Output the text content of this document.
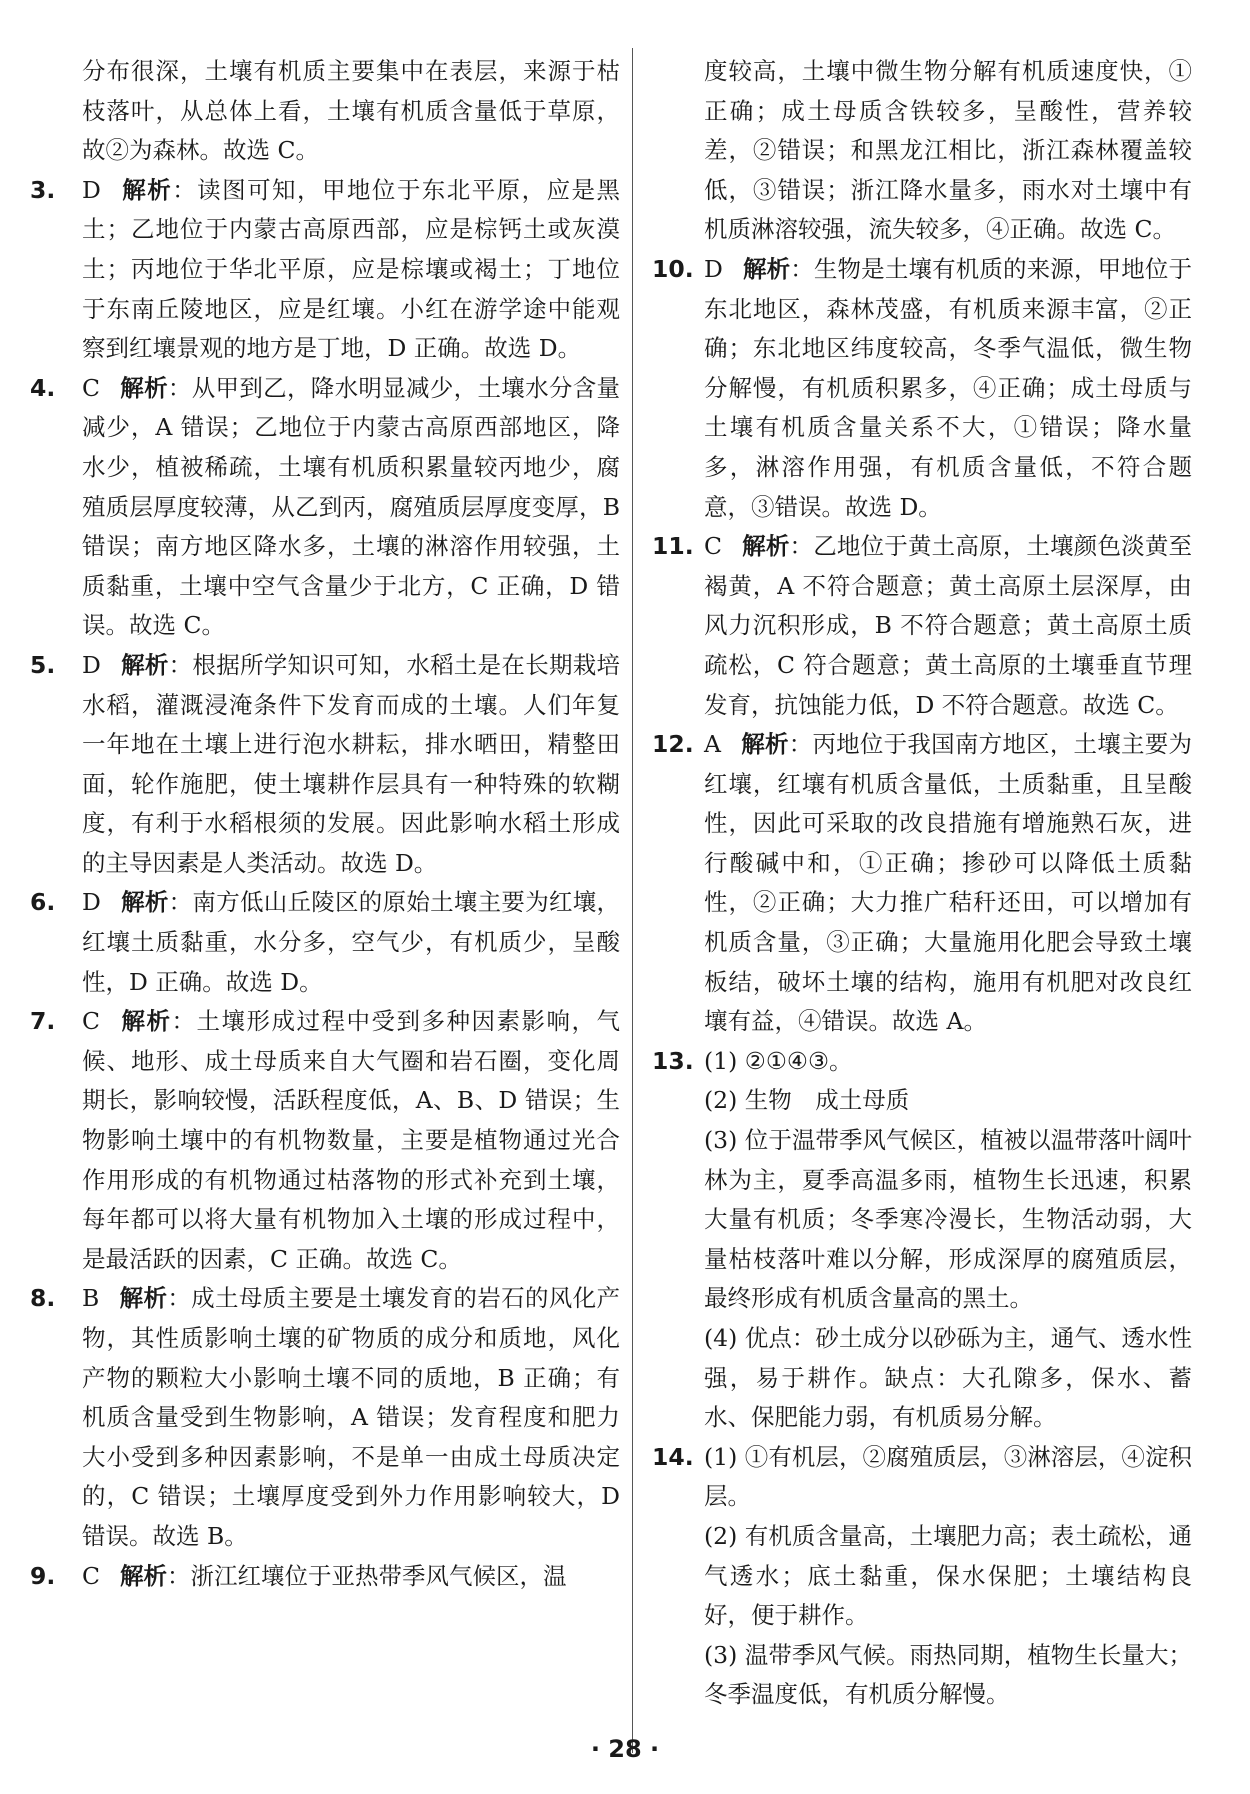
分布很深，土壤有机质主要集中在表层，来源于枯枝落叶，从总体上看，土壤有机质含量低于草原，故②为森林。故选 C。
3. D 解析：读图可知，甲地位于东北平原，应是黑土；乙地位于内蒙古高原西部，应是棕钙土或灰漠土；丙地位于华北平原，应是棕壤或褐土；丁地位于东南丘陵地区，应是红壤。小红在游学途中能观察到红壤景观的地方是丁地，D 正确。故选 D。
4. C 解析：从甲到乙，降水明显减少，土壤水分含量减少，A 错误；乙地位于内蒙古高原西部地区，降水少，植被稀疏，土壤有机质积累量较丙地少，腐殖质层厚度较薄，从乙到丙，腐殖质层厚度变厚，B 错误；南方地区降水多，土壤的淋溶作用较强，土质黏重，土壤中空气含量少于北方，C 正确，D 错误。故选 C。
5. D 解析：根据所学知识可知，水稻土是在长期栽培水稻，灌溉浸淹条件下发育而成的土壤。人们年复一年地在土壤上进行泡水耕耘，排水晒田，精整田面，轮作施肥，使土壤耕作层具有一种特殊的软糊度，有利于水稻根须的发展。因此影响水稻土形成的主导因素是人类活动。故选 D。
6. D 解析：南方低山丘陵区的原始土壤主要为红壤，红壤土质黏重，水分多，空气少，有机质少，呈酸性，D 正确。故选 D。
7. C 解析：土壤形成过程中受到多种因素影响，气候、地形、成土母质来自大气圈和岩石圈，变化周期长，影响较慢，活跃程度低，A、B、D 错误；生物影响土壤中的有机物数量，主要是植物通过光合作用形成的有机物通过枯落物的形式补充到土壤，每年都可以将大量有机物加入土壤的形成过程中，是最活跃的因素，C 正确。故选 C。
8. B 解析：成土母质主要是土壤发育的岩石的风化产物，其性质影响土壤的矿物质的成分和质地，风化产物的颗粒大小影响土壤不同的质地，B 正确；有机质含量受到生物影响，A 错误；发育程度和肥力大小受到多种因素影响，不是单一由成土母质决定的，C 错误；土壤厚度受到外力作用影响较大，D 错误。故选 B。
9. C 解析：浙江红壤位于亚热带季风气候区，温
度较高，土壤中微生物分解有机质速度快，①正确；成土母质含铁较多，呈酸性，营养较差，②错误；和黑龙江相比，浙江森林覆盖较低，③错误；浙江降水量多，雨水对土壤中有机质淋溶较强，流失较多，④正确。故选 C。
10. D 解析：生物是土壤有机质的来源，甲地位于东北地区，森林茂盛，有机质来源丰富，②正确；东北地区纬度较高，冬季气温低，微生物分解慢，有机质积累多，④正确；成土母质与土壤有机质含量关系不大，①错误；降水量多，淋溶作用强，有机质含量低，不符合题意，③错误。故选 D。
11. C 解析：乙地位于黄土高原，土壤颜色淡黄至褐黄，A 不符合题意；黄土高原土层深厚，由风力沉积形成，B 不符合题意；黄土高原土质疏松，C 符合题意；黄土高原的土壤垂直节理发育，抗蚀能力低，D 不符合题意。故选 C。
12. A 解析：丙地位于我国南方地区，土壤主要为红壤，红壤有机质含量低，土质黏重，且呈酸性，因此可采取的改良措施有增施熟石灰，进行酸碱中和，①正确；掺砂可以降低土质黏性，②正确；大力推广秸秆还田，可以增加有机质含量，③正确；大量施用化肥会导致土壤板结，破坏土壤的结构，施用有机肥对改良红壤有益，④错误。故选 A。
13. (1) ②①④③。
(2) 生物　成土母质
(3) 位于温带季风气候区，植被以温带落叶阔叶林为主，夏季高温多雨，植物生长迅速，积累大量有机质；冬季寒冷漫长，生物活动弱，大量枯枝落叶难以分解，形成深厚的腐殖质层，最终形成有机质含量高的黑土。
(4) 优点：砂土成分以砂砾为主，通气、透水性强，易于耕作。缺点：大孔隙多，保水、蓄水、保肥能力弱，有机质易分解。
14. (1) ①有机层，②腐殖质层，③淋溶层，④淀积层。
(2) 有机质含量高，土壤肥力高；表土疏松，通气透水；底土黏重，保水保肥；土壤结构良好，便于耕作。
(3) 温带季风气候。雨热同期，植物生长量大；冬季温度低，有机质分解慢。
· 28 ·
